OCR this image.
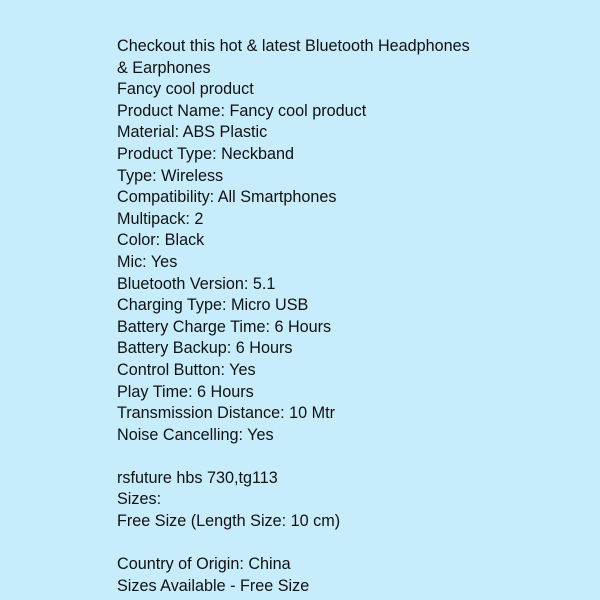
Checkout this hot & latest Bluetooth Headphones
& Earphones
Fancy cool product
Product Name: Fancy cool product
Material: ABS Plastic
Product Type: Neckband
Type: Wireless
Compatibility: All Smartphones
Multipack: 2
Color: Black
Mic: Yes
Bluetooth Version: 5.1
Charging Type: Micro USB
Battery Charge Time: 6 Hours
Battery Backup: 6 Hours
Control Button: Yes
Play Time: 6 Hours
Transmission Distance: 10 Mtr
Noise Cancelling: Yes
rsfuture hbs 730,tg113
Sizes:
Free Size (Length Size: 10 cm)
Country of Origin: China
Sizes Available - Free Size
